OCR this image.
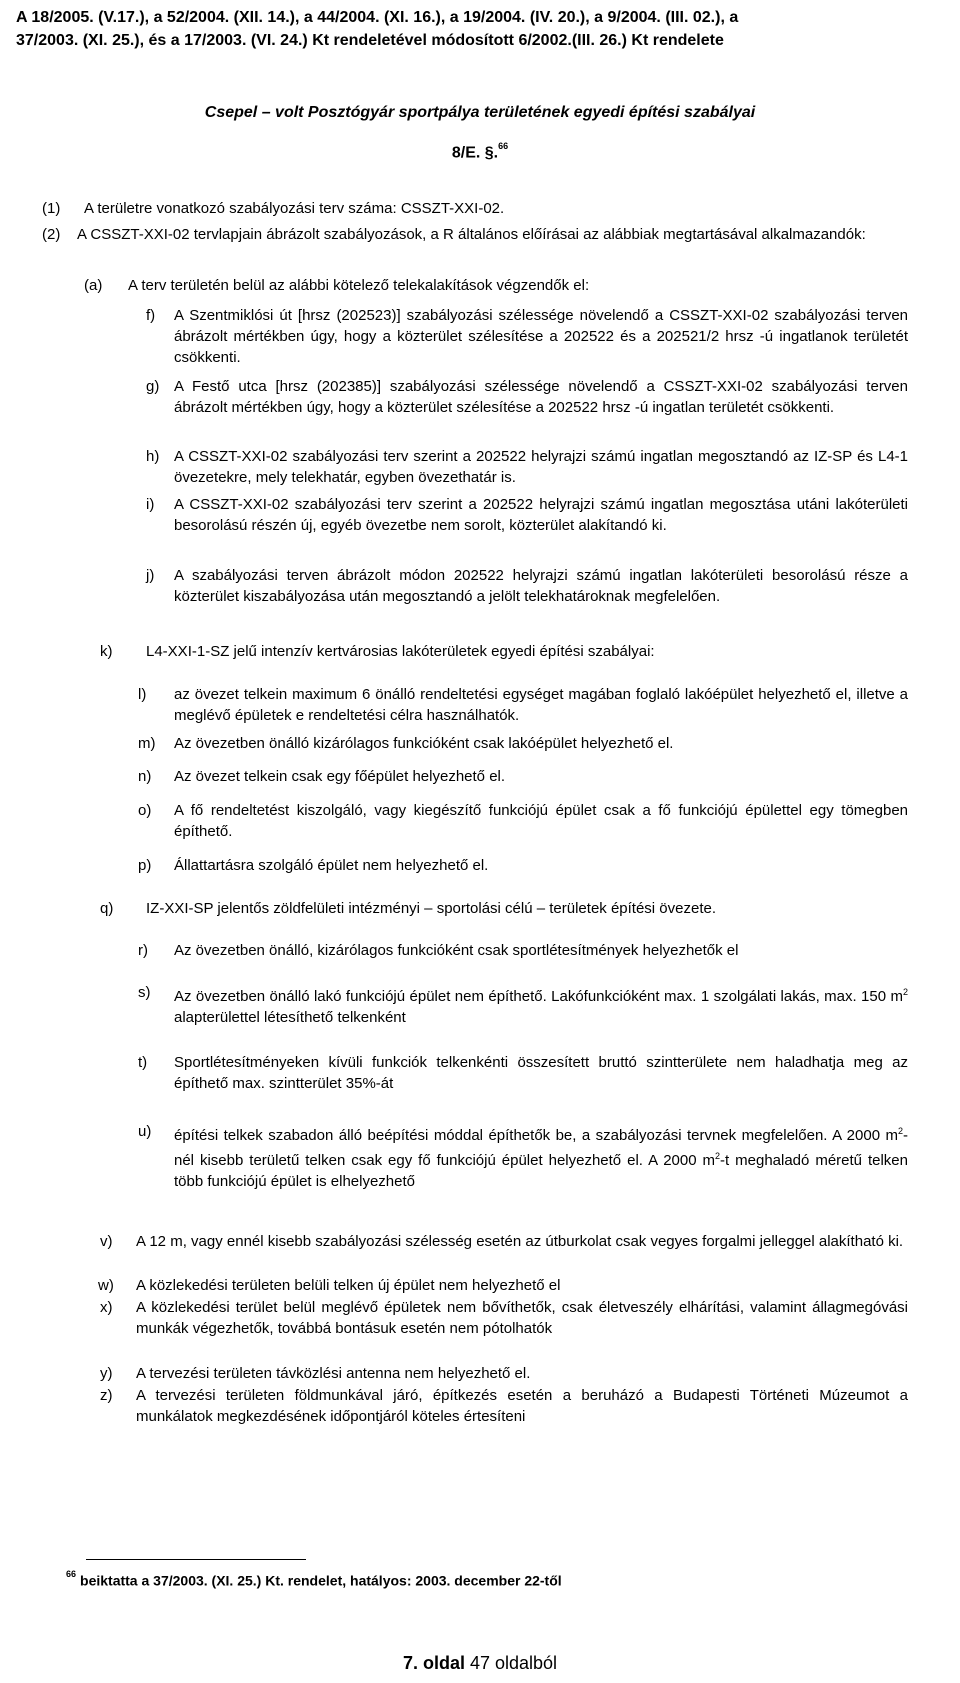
A 18/2005. (V.17.), a 52/2004. (XII. 14.), a 44/2004. (XI. 16.), a 19/2004. (IV. 20.), a 9/2004. (III. 02.), a
37/2003. (XI. 25.), és a 17/2003. (VI. 24.) Kt rendeletével módosított 6/2002.(III. 26.) Kt rendelete
Csepel – volt Posztógyár sportpálya területének egyedi építési szabályai
8/E. §.$^{66}$
(1) A területre vonatkozó szabályozási terv száma: CSSZT-XXI-02.
(2) A CSSZT-XXI-02 tervlapjain ábrázolt szabályozások, a R általános előírásai az alábbiak megtartásával alkalmazandók:
(a) A terv területén belül az alábbi kötelező telekalakítások végzendők el:
f) A Szentmiklósi út [hrsz (202523)] szabályozási szélessége növelendő a CSSZT-XXI-02 szabályozási terven ábrázolt mértékben úgy, hogy a közterület szélesítése a 202522 és a 202521/2 hrsz -ú ingatlanok területét csökkenti.
g) A Festő utca [hrsz (202385)] szabályozási szélessége növelendő a CSSZT-XXI-02 szabályozási terven ábrázolt mértékben úgy, hogy a közterület szélesítése a 202522 hrsz -ú ingatlan területét csökkenti.
h) A CSSZT-XXI-02 szabályozási terv szerint a 202522 helyrajzi számú ingatlan megosztandó az IZ-SP és L4-1 övezetekre, mely telekhatár, egyben övezethatár is.
i) A CSSZT-XXI-02 szabályozási terv szerint a 202522 helyrajzi számú ingatlan megosztása utáni lakóterületi besorolású részén új, egyéb övezetbe nem sorolt, közterület alakítandó ki.
j) A szabályozási terven ábrázolt módon 202522 helyrajzi számú ingatlan lakóterületi besorolású része a közterület kiszabályozása után megosztandó a jelölt telekhatároknak megfelelően.
k) L4-XXI-1-SZ jelű intenzív kertvárosias lakóterületek egyedi építési szabályai:
l) az övezet telkein maximum 6 önálló rendeltetési egységet magában foglaló lakóépület helyezhető el, illetve a meglévő épületek e rendeltetési célra használhatók.
m) Az övezetben önálló kizárólagos funkcióként csak lakóépület helyezhető el.
n) Az övezet telkein csak egy főépület helyezhető el.
o) A fő rendeltetést kiszolgáló, vagy kiegészítő funkciójú épület csak a fő funkciójú épülettel egy tömegben építhető.
p) Állattartásra szolgáló épület nem helyezhető el.
q) IZ-XXI-SP jelentős zöldfelületi intézményi – sportolási célú – területek építési övezete.
r) Az övezetben önálló, kizárólagos funkcióként csak sportlétesítmények helyezhetők el
s) Az övezetben önálló lakó funkciójú épület nem építhető. Lakófunkcióként max. 1 szolgálati lakás, max. 150 $m^2$ alapterülettel létesíthető telkenként
t) Sportlétesítményeken kívüli funkciók telkenkénti összesített bruttó szintterülete nem haladhatja meg az építhető max. szintterület 35%-át
u) építési telkek szabadon álló beépítési móddal építhetők be, a szabályozási tervnek megfelelően. A 2000 $m^2$-nél kisebb területű telken csak egy fő funkciójú épület helyezhető el. A 2000 $m^2-t$ meghaladó méretű telken több funkciójú épület is elhelyezhető
v) A 12 m, vagy ennél kisebb szabályozási szélesség esetén az útburkolat csak vegyes forgalmi jelleggel alakítható ki.
w) A közlekedési területen belüli telken új épület nem helyezhető el
x) A közlekedési terület belül meglévő épületek nem bővíthetők, csak életveszély elhárítási, valamint állagmegóvási munkák végezhetők, továbbá bontásuk esetén nem pótolhatók
y) A tervezési területen távközlési antenna nem helyezhető el.
z) A tervezési területen földmunkával járó, építkezés esetén a beruházó a Budapesti Történeti Múzeumot a munkálatok megkezdésének időpontjáról köteles értesíteni
$^{66}$ beiktatta a 37/2003. (XI. 25.) Kt. rendelet, hatályos: 2003. december 22-től
7. oldal 47 oldalból
